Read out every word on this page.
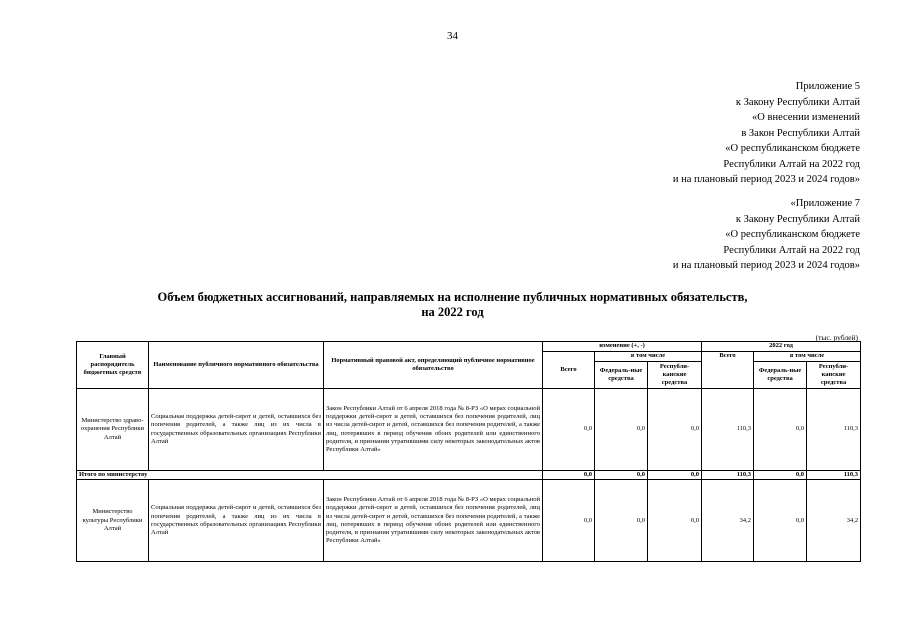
34
Приложение 5
к Закону Республики Алтай
«О внесении изменений
в Закон Республики Алтай
«О республиканском бюджете
Республики Алтай на 2022 год
и на плановый период 2023 и 2024 годов»
«Приложение 7
к Закону Республики Алтай
«О республиканском бюджете
Республики Алтай на 2022 год
и на плановый период 2023 и 2024 годов»
Объем бюджетных ассигнований, направляемых на исполнение публичных нормативных обязательств,
на 2022 год
(тыс. рублей)
Главный распорядитель бюджетных средств	Наименование публичного нормативного обязательства	Нормативный правовой акт, определяющий публичное нормативное обязательство	изменение (+, -)			2022 год		
			Всего	в том числе		Всего	в том числе	
				Федераль-ные средства	Республи-канские средства		Федераль-ные средства	Республи-канские средства
Министерство здраво-охранения Республики Алтай	Социальная поддержка детей-сирот и детей, оставшихся без попечения родителей, а также лиц из их числа в государственных образовательных организациях Республики Алтай	Закон Республики Алтай от 6 апреля 2018 года № 8-РЗ «О мерах социальной поддержки детей-сирот и детей, оставшихся без попечения родителей, лиц из числа детей-сирот и детей, оставшихся без попечения родителей, а также лиц, потерявших в период обучения обоих родителей или единственного родителя, и признании утратившими силу некоторых законодательных актов Республики Алтай»	0,0	0,0	0,0	110,3	0,0	110,3
Итого по министерству			0,0	0,0	0,0	110,3	0,0	110,3
Министерство культуры Республики Алтай	Социальная поддержка детей-сирот и детей, оставшихся без попечения родителей, а также лиц из их числа в государственных образовательных организациях Республики Алтай	Закон Республики Алтай от 6 апреля 2018 года № 8-РЗ «О мерах социальной поддержки детей-сирот и детей, оставшихся без попечения родителей, лиц из числа детей-сирот и детей, оставшихся без попечения родителей, а также лиц, потерявших в период обучения обоих родителей или единственного родителя, и признании утратившими силу некоторых законодательных актов Республики Алтай»	0,0	0,0	0,0	34,2	0,0	34,2
